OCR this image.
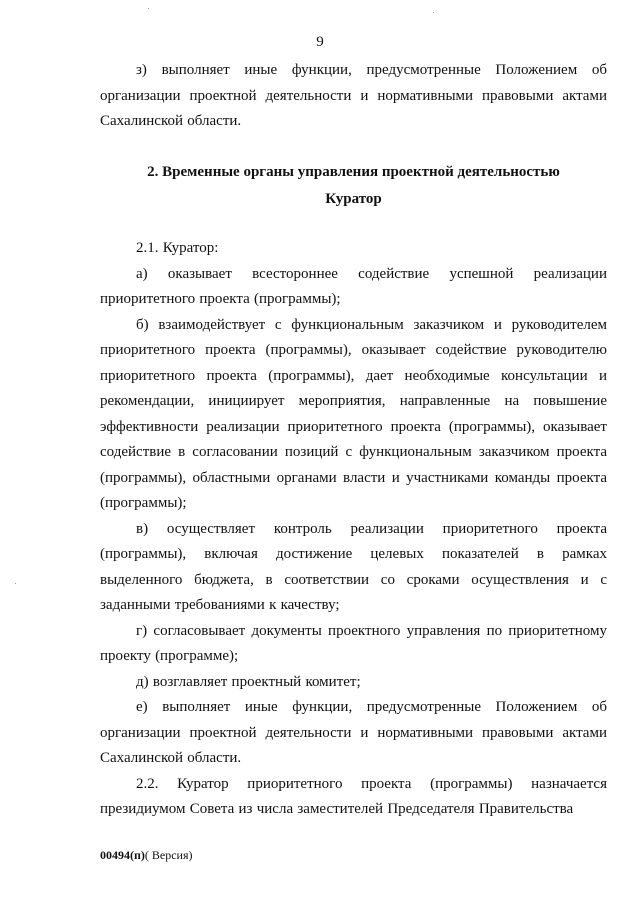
9

з) выполняет иные функции, предусмотренные Положением об организации проектной деятельности и нормативными правовыми актами Сахалинской области.

2. Временные органы управления проектной деятельностью
Куратор

2.1. Куратор:

а) оказывает всестороннее содействие успешной реализации приоритетного проекта (программы);

б) взаимодействует с функциональным заказчиком и руководителем приоритетного проекта (программы), оказывает содействие руководителю приоритетного проекта (программы), дает необходимые консультации и рекомендации, инициирует мероприятия, направленные на повышение эффективности реализации приоритетного проекта (программы), оказывает содействие в согласовании позиций с функциональным заказчиком проекта (программы), областными органами власти и участниками команды проекта (программы);

в) осуществляет контроль реализации приоритетного проекта (программы), включая достижение целевых показателей в рамках выделенного бюджета, в соответствии со сроками осуществления и с заданными требованиями к качеству;

г) согласовывает документы проектного управления по приоритетному проекту (программе);

д) возглавляет проектный комитет;

е) выполняет иные функции, предусмотренные Положением об организации проектной деятельности и нормативными правовыми актами Сахалинской области.

2.2. Куратор приоритетного проекта (программы) назначается президиумом Совета из числа заместителей Председателя Правительства

00494(п)( Версия)
